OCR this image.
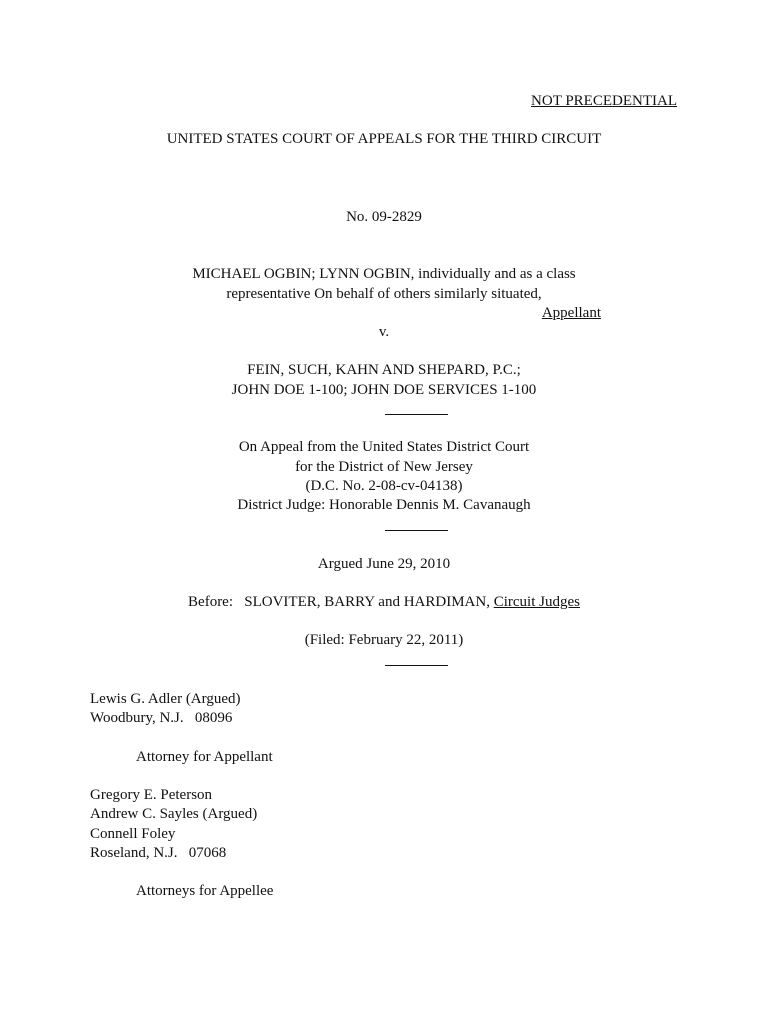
NOT PRECEDENTIAL
UNITED STATES COURT OF APPEALS FOR THE THIRD CIRCUIT
No. 09-2829
MICHAEL OGBIN; LYNN OGBIN, individually and as a class
representative On behalf of others similarly situated,
Appellant
v.
FEIN, SUCH, KAHN AND SHEPARD, P.C.;
JOHN DOE 1-100; JOHN DOE SERVICES 1-100
On Appeal from the United States District Court
for the District of New Jersey
(D.C. No. 2-08-cv-04138)
District Judge: Honorable Dennis M. Cavanaugh
Argued June 29, 2010
Before:   SLOVITER, BARRY and HARDIMAN, Circuit Judges
(Filed: February 22, 2011)
Lewis G. Adler (Argued)
Woodbury, N.J.   08096
Attorney for Appellant
Gregory E. Peterson
Andrew C. Sayles (Argued)
Connell Foley
Roseland, N.J.   07068
Attorneys for Appellee
